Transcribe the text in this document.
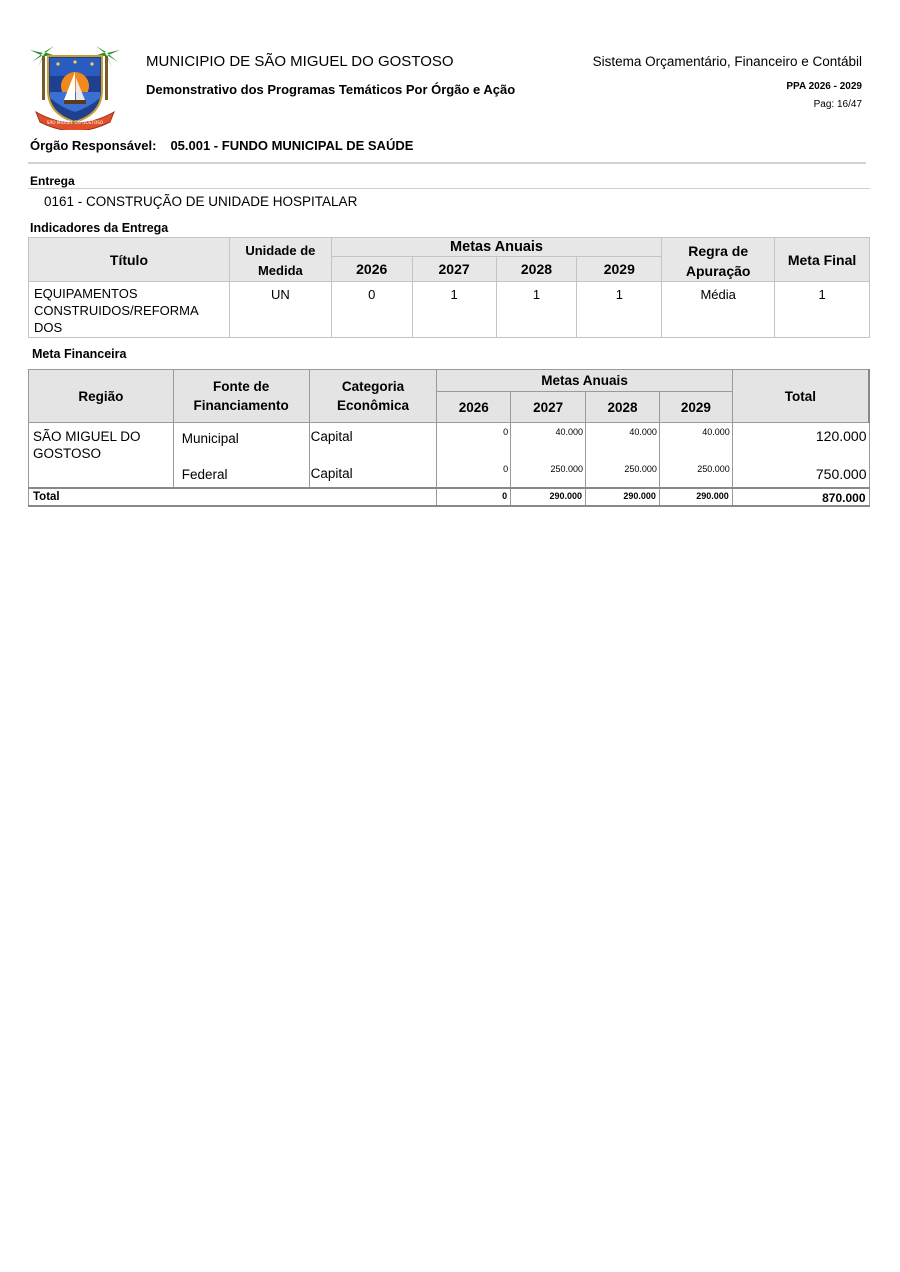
SÃO MIGUEL DO GOSTOSO
MUNICIPIO DE SÃO MIGUEL DO GOSTOSO
Demonstrativo dos Programas Temáticos Por Órgão e Ação
Sistema Orçamentário, Financeiro e Contábil
PPA 2026 - 2029
Pag: 16/47
Órgão Responsável: 05.001 - FUNDO MUNICIPAL DE SAÚDE
Entrega
0161 - CONSTRUÇÃO DE UNIDADE HOSPITALAR
Indicadores da Entrega
Título	Unidade de Medida	Metas Anuais				Regra de Apuração	Meta Final
		2026	2027	2028	2029		

EQUIPAMENTOS
CONSTRUIDOS/REFORMA
DOS	UN	0	1	1	1	Média	1
Meta Financeira
Região	Fonte de Financiamento	Categoria Econômica	Metas Anuais				Total
			2026	2027	2028	2029	

SÃO MIGUEL DO
GOSTOSO	Municipal	Capital	0	40.000	40.000	40.000	120.000
	Federal	Capital	0	250.000	250.000	250.000	750.000
Total			0	290.000	290.000	290.000	870.000
